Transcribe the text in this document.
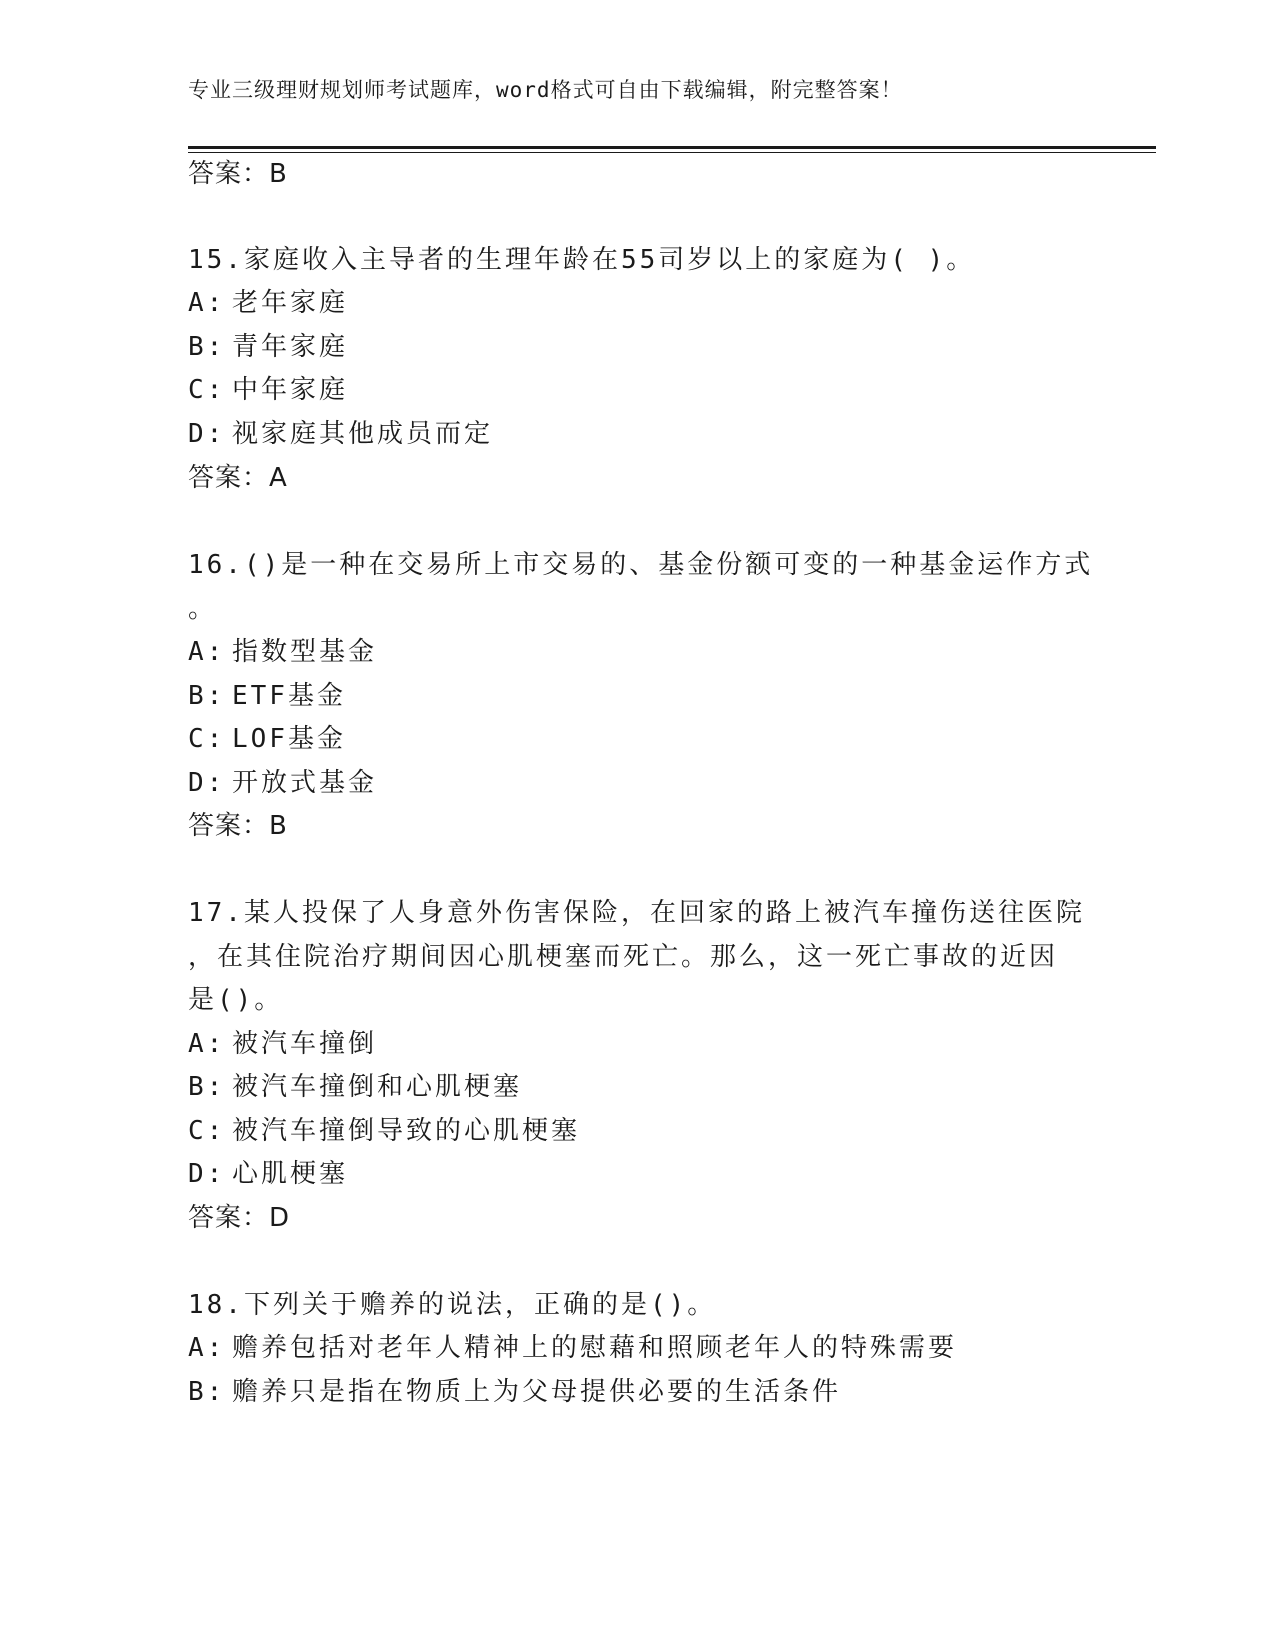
专业三级理财规划师考试题库，word格式可自由下载编辑，附完整答案！
答案：B
15.家庭收入主导者的生理年龄在55司岁以上的家庭为( )。
A: 老年家庭
B: 青年家庭
C: 中年家庭
D: 视家庭其他成员而定
答案：A
16.()是一种在交易所上市交易的、基金份额可变的一种基金运作方式
。
A: 指数型基金
B: ETF基金
C: LOF基金
D: 开放式基金
答案：B
17.某人投保了人身意外伤害保险，在回家的路上被汽车撞伤送往医院
，在其住院治疗期间因心肌梗塞而死亡。那么，这一死亡事故的近因
是()。
A: 被汽车撞倒
B: 被汽车撞倒和心肌梗塞
C: 被汽车撞倒导致的心肌梗塞
D: 心肌梗塞
答案：D
18.下列关于赡养的说法，正确的是()。
A: 赡养包括对老年人精神上的慰藉和照顾老年人的特殊需要
B: 赡养只是指在物质上为父母提供必要的生活条件
